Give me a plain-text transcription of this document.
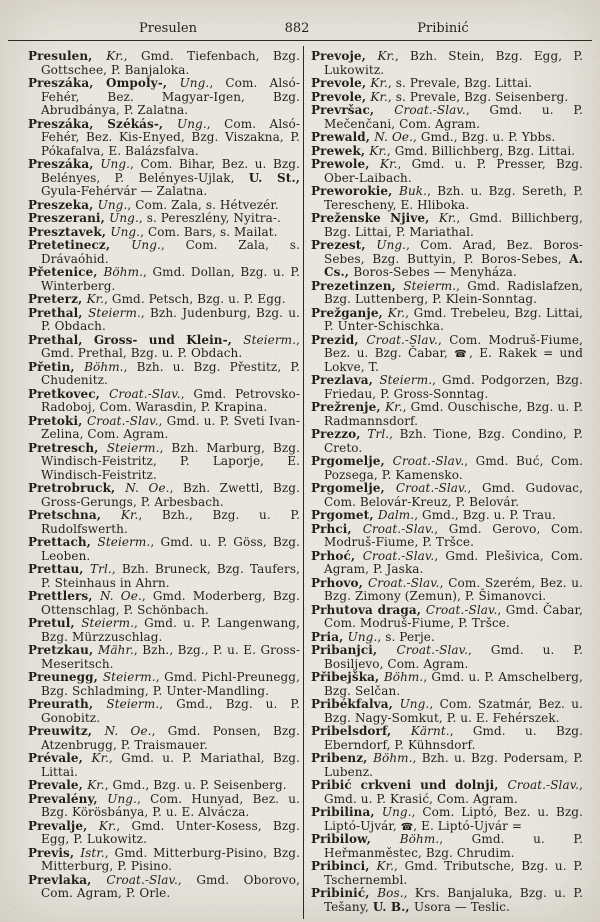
Presulen	882	Pribinić

Presulen, Kr., Gmd. Tiefenbach, Bzg. Gottschee, P. Banjaloka.

Preszáka, Ompoly-, Ung., Com. Alsó-Fehér, Bez. Magyar-Igen, Bzg. Abrudbánya, P. Zalatna.

Preszáka, Székás-, Ung., Com. Alsó-Fehér, Bez. Kis-Enyed, Bzg. Viszakna, P. Pókafalva, E. Balázsfalva.

Preszáka, Ung., Com. Bihar, Bez. u. Bzg. Belényes, P. Belényes-Ujlak, U. St., Gyula-Fehérvár — Zalatna.

Preszeka, Ung., Com. Zala, s. Hétvezér.

Preszerani, Ung., s. Pereszlény, Nyitra-.

Presztavek, Ung., Com. Bars, s. Mailat.

Pretetinecz, Ung., Com. Zala, s. Drávaóhid.

Přetenice, Böhm., Gmd. Dollan, Bzg. u. P. Winterberg.

Preterz, Kr., Gmd. Petsch, Bzg. u. P. Egg.

Prethal, Steierm., Bzh. Judenburg, Bzg. u. P. Obdach.

Prethal, Gross- und Klein-, Steierm., Gmd. Prethal, Bzg. u. P. Obdach.

Přetin, Böhm., Bzh. u. Bzg. Přestitz, P. Chudenitz.

Pretkovec, Croat.-Slav., Gmd. Petrovsko-Radoboj, Com. Warasdin, P. Krapina.

Pretoki, Croat.-Slav., Gmd. u. P. Sveti Ivan-Zelina, Com. Agram.

Pretresch, Steierm., Bzh. Marburg, Bzg. Windisch-Feistritz, P. Laporje, E. Windisch-Feistritz.

Pretrobruck, N. Oe., Bzh. Zwettl, Bzg. Gross-Gerungs, P. Arbesbach.

Pretschna, Kr., Bzh., Bzg. u. P. Rudolfswerth.

Prettach, Steierm., Gmd. u. P. Göss, Bzg. Leoben.

Prettau, Trl., Bzh. Bruneck, Bzg. Taufers, P. Steinhaus in Ahrn.

Prettlers, N. Oe., Gmd. Moderberg, Bzg. Ottenschlag, P. Schönbach.

Pretul, Steierm., Gmd. u. P. Langenwang, Bzg. Mürzzuschlag.

Pretzkau, Mähr., Bzh., Bzg., P. u. E. Gross-Meseritsch.

Preunegg, Steierm., Gmd. Pichl-Preunegg, Bzg. Schladming, P. Unter-Mandling.

Preurath, Steierm., Gmd., Bzg. u. P. Gonobitz.

Preuwitz, N. Oe., Gmd. Ponsen, Bzg. Atzenbrugg, P. Traismauer.

Prévale, Kr., Gmd. u. P. Mariathal, Bzg. Littai.

Prevale, Kr., Gmd., Bzg. u. P. Seisenberg.

Prevalény, Ung., Com. Hunyad, Bez. u. Bzg. Körösbánya, P. u. E. Alvácza.

Prevalje, Kr., Gmd. Unter-Kosess, Bzg. Egg, P. Lukowitz.

Previs, Istr., Gmd. Mitterburg-Pisino, Bzg. Mitterburg, P. Pisino.

Prevlaka, Croat.-Slav., Gmd. Oborovo, Com. Agram, P. Orle.

Prevoje, Kr., Bzh. Stein, Bzg. Egg, P. Lukowitz.

Prevole, Kr., s. Prevale, Bzg. Littai.

Prevole, Kr., s. Prevale, Bzg. Seisenberg.

Prevršac, Croat.-Slav., Gmd. u. P. Mečenčani, Com. Agram.

Prewald, N. Oe., Gmd., Bzg. u. P. Ybbs.

Prewek, Kr., Gmd. Billichberg, Bzg. Littai.

Prewole, Kr., Gmd. u. P. Presser, Bzg. Ober-Laibach.

Preworokie, Buk., Bzh. u. Bzg. Sereth, P. Terescheny, E. Hliboka.

Preženske Njive, Kr., Gmd. Billichberg, Bzg. Littai, P. Mariathal.

Prezest, Ung., Com. Arad, Bez. Boros-Sebes, Bzg. Buttyin, P. Boros-Sebes, A. Cs., Boros-Sebes — Menyháza.

Prezetinzen, Steierm., Gmd. Radislafzen, Bzg. Luttenberg, P. Klein-Sonntag.

Prežganje, Kr., Gmd. Trebeleu, Bzg. Littai, P. Unter-Schischka.

Prezid, Croat.-Slav., Com. Modruš-Fiume, Bez. u. Bzg. Čabar, ☎, E. Rakek = und Lokve, T.

Prezlava, Steierm., Gmd. Podgorzen, Bzg. Friedau, P. Gross-Sonntag.

Prežrenje, Kr., Gmd. Ouschische, Bzg. u. P. Radmannsdorf.

Prezzo, Trl., Bzh. Tione, Bzg. Condino, P. Creto.

Prgomelje, Croat.-Slav., Gmd. Buć, Com. Pozsega, P. Kamensko.

Prgomelje, Croat.-Slav., Gmd. Gudovac, Com. Belovár-Kreuz, P. Belovár.

Prgomet, Dalm., Gmd., Bzg. u. P. Trau.

Prhci, Croat.-Slav., Gmd. Gerovo, Com. Modruš-Fiume, P. Tršce.

Prhoć, Croat.-Slav., Gmd. Plešivica, Com. Agram, P. Jaska.

Prhovo, Croat.-Slav., Com. Szerém, Bez. u. Bzg. Zimony (Zemun), P. Šimanovci.

Prhutova draga, Croat.-Slav., Gmd. Čabar, Com. Modruš-Fiume, P. Tršce.

Pria, Ung., s. Perje.

Pribanjci, Croat.-Slav., Gmd. u. P. Bosiljevo, Com. Agram.

Přibejška, Böhm., Gmd. u. P. Amschelberg, Bzg. Selčan.

Pribékfalva, Ung., Com. Szatmár, Bez. u. Bzg. Nagy-Somkut, P. u. E. Fehérszek.

Pribelsdorf, Kärnt., Gmd. u. Bzg. Eberndorf, P. Kühnsdorf.

Pribenz, Böhm., Bzh. u. Bzg. Podersam, P. Lubenz.

Pribić crkveni und dolnji, Croat.-Slav., Gmd. u. P. Krasić, Com. Agram.

Pribilina, Ung., Com. Liptó, Bez. u. Bzg. Liptó-Ujvár, ☎, E. Liptó-Ujvár =

Pribilow, Böhm., Gmd. u. P. Heřmanměstec, Bzg. Chrudim.

Pribinci, Kr., Gmd. Tributsche, Bzg. u. P. Tschernembl.

Pribinić, Bos., Krs. Banjaluka, Bzg. u. P. Tešany, U. B., Usora — Teslic.
